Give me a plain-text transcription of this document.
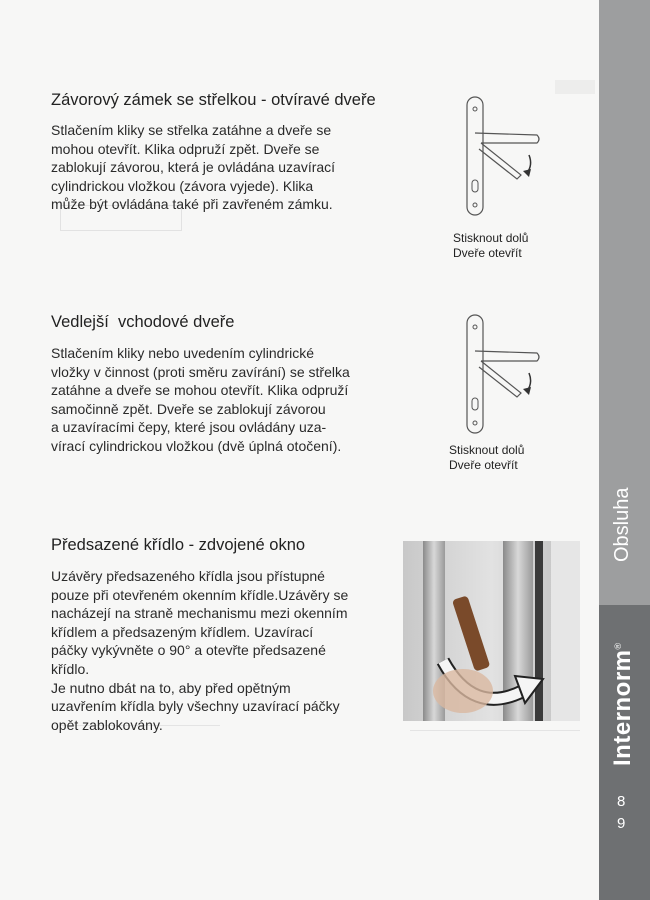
Závorový zámek se střelkou - otvíravé dveře
Stlačením kliky se střelka zatáhne a dveře se
mohou otevřít. Klika odpruží zpět. Dveře se
zablokují závorou, která je ovládána uzavírací
cylindrickou vložkou (závora vyjede). Klika
může být ovládána také při zavřeném zámku.
Stisknout dolů
Dveře otevřít
Vedlejší  vchodové dveře
Stlačením kliky nebo uvedením cylindrické
vložky v činnost (proti směru zavírání) se střelka
zatáhne a dveře se mohou otevřít. Klika odpruží
samočinně zpět. Dveře se zablokují závorou
a uzavíracími čepy, které jsou ovládány uza-
vírací cylindrickou vložkou (dvě úplná otočení).	Stisknout dolů
Dveře otevřít
Předsazené křídlo - zdvojené okno
Uzávěry předsazeného křídla jsou přístupné
pouze při otevřeném okenním křídle.Uzávěry se
nacházejí na straně mechanismu mezi okenním
křídlem a předsazeným křídlem. Uzavírací
páčky vykývněte o 90° a otevřte předsazené
křídlo.
Je nutno dbát na to, aby před opětným
uzavřením křídla byly všechny uzavírací páčky
opět zablokovány.
Obsluha
Internorm®
8
9
